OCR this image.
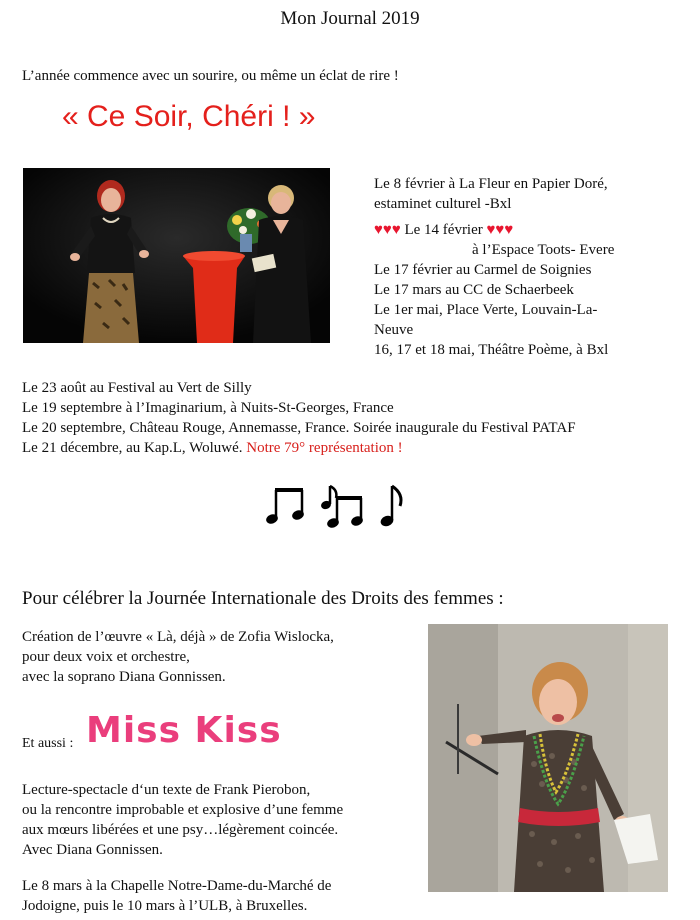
Mon Journal 2019
L’année commence avec un sourire, ou même un éclat de rire !
« Ce Soir, Chéri ! »
Le 8 février à La Fleur en Papier Doré,
estaminet culturel -Bxl
♥♥♥ Le 14 février ♥♥♥
à l’Espace Toots- Evere
Le 17 février au Carmel de Soignies
Le 17 mars au CC de Schaerbeek
Le 1er mai, Place Verte, Louvain-La-
Neuve
16, 17 et 18 mai, Théâtre Poème, à Bxl
Le 23 août au Festival au Vert de Silly
Le 19 septembre à l’Imaginarium, à Nuits-St-Georges, France
Le 20 septembre, Château Rouge, Annemasse, France. Soirée inaugurale du Festival PATAF
Le 21 décembre, au Kap.L, Woluwé. Notre 79° représentation !
Pour célébrer la Journée Internationale des Droits des femmes :
Création de l’œuvre « Là, déjà » de Zofia Wislocka,
pour deux voix et orchestre,
avec la soprano Diana Gonnissen.
Et aussi : Miss Kiss
Lecture-spectacle d‘un texte de Frank Pierobon,
ou la rencontre improbable et explosive d’une femme
aux mœurs libérées et une psy…légèrement coincée.
Avec Diana Gonnissen.
Le 8 mars à la Chapelle Notre-Dame-du-Marché de
Jodoigne, puis le 10 mars à l’ULB, à Bruxelles.
